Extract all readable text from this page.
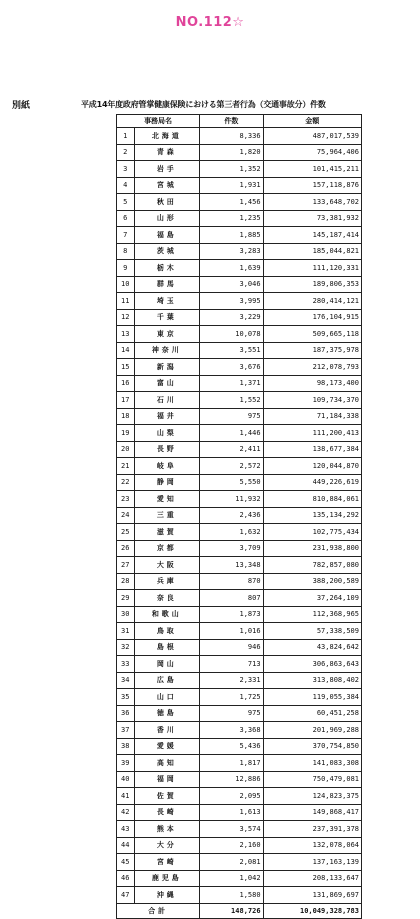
NO.112☆
別紙	平成14年度政府管掌健康保険における第三者行為（交通事故分）件数
事務局名		件数	金額
1	北海道	8,336	487,017,539
2	青森	1,820	75,964,406
3	岩手	1,352	101,415,211
4	宮城	1,931	157,118,876
5	秋田	1,456	133,648,702
6	山形	1,235	73,381,932
7	福島	1,885	145,187,414
8	茨城	3,283	185,044,821
9	栃木	1,639	111,120,331
10	群馬	3,046	189,806,353
11	埼玉	3,995	280,414,121
12	千葉	3,229	176,104,915
13	東京	10,078	509,665,118
14	神奈川	3,551	187,375,978
15	新潟	3,676	212,078,793
16	富山	1,371	98,173,400
17	石川	1,552	109,734,370
18	福井	975	71,184,338
19	山梨	1,446	111,200,413
20	長野	2,411	138,677,384
21	岐阜	2,572	120,044,870
22	静岡	5,550	449,226,619
23	愛知	11,932	810,884,061
24	三重	2,436	135,134,292
25	滋賀	1,632	102,775,434
26	京都	3,709	231,938,800
27	大阪	13,348	782,857,080
28	兵庫	870	388,200,589
29	奈良	807	37,264,109
30	和歌山	1,873	112,368,965
31	鳥取	1,016	57,338,509
32	島根	946	43,824,642
33	岡山	713	306,863,643
34	広島	2,331	313,808,402
35	山口	1,725	119,055,384
36	徳島	975	60,451,258
37	香川	3,368	201,969,288
38	愛媛	5,436	370,754,850
39	高知	1,817	141,083,308
40	福岡	12,886	750,479,081
41	佐賀	2,095	124,823,375
42	長崎	1,613	149,868,417
43	熊本	3,574	237,391,378
44	大分	2,160	132,078,064
45	宮崎	2,081	137,163,139
46	鹿児島	1,042	208,133,647
47	沖縄	1,580	131,869,697
合計		148,726	10,049,328,783
